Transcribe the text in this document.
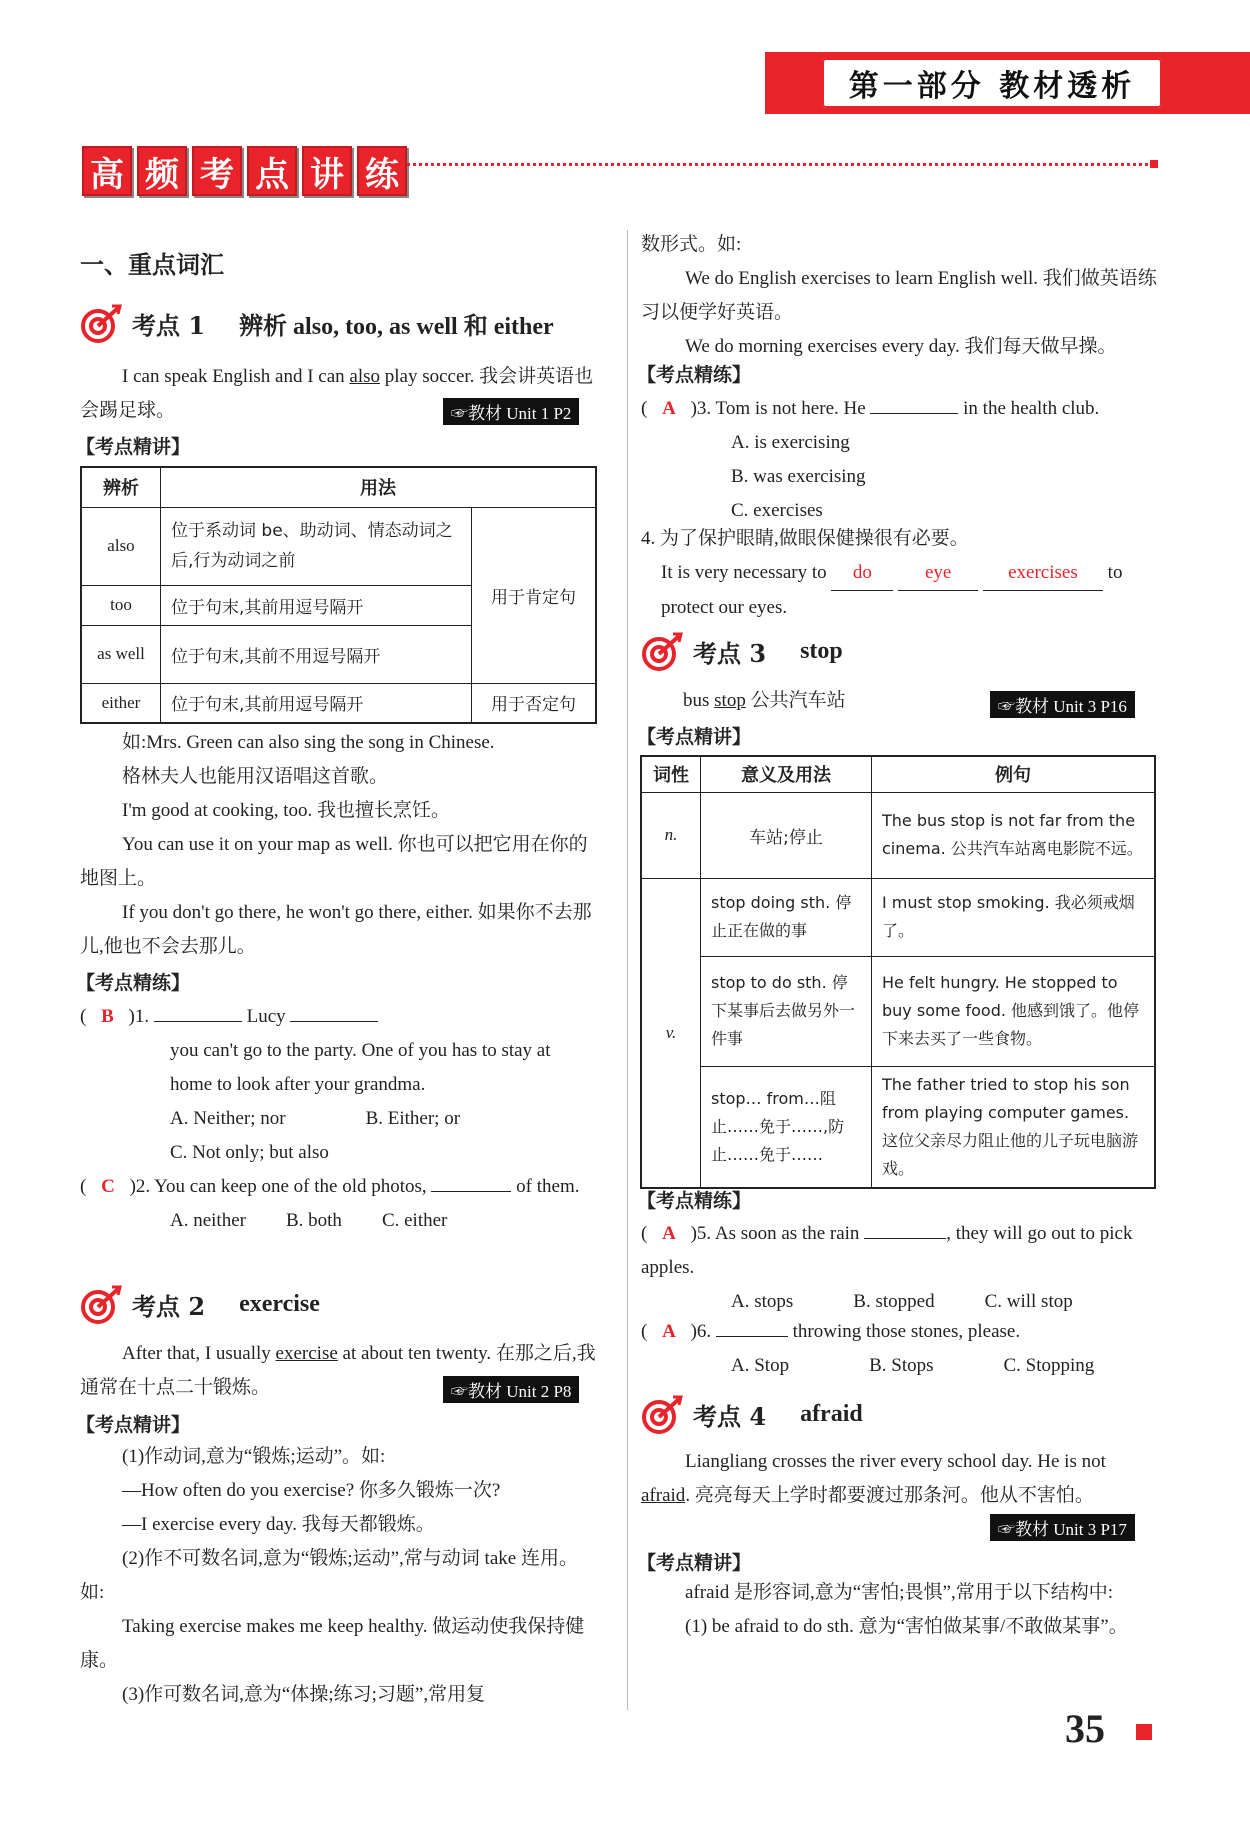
第一部分 教材透析
高 频 考 点 讲 练
一、重点词汇
考点 1 辨析 also, too, as well 和 either
I can speak English and I can also play soccer. 我会讲英语也会踢足球。	☞教材 Unit 1 P2
【考点精讲】
辨析	用法	
also	位于系动词 be、助动词、情态动词之后,行为动词之前	用于肯定句
too	位于句末,其前用逗号隔开	
as well	位于句末,其前不用逗号隔开	
either	位于句末,其前用逗号隔开	用于否定句

如:Mrs. Green can also sing the song in Chinese.

格林夫人也能用汉语唱这首歌。

I'm good at cooking, too. 我也擅长烹饪。

You can use it on your map as well. 你也可以把它用在你的地图上。

If you don't go there, he won't go there, either. 如果你不去那儿,他也不会去那儿。

【考点精练】

( B )1.	Lucy

you can't go to the party. One of you has to stay at home to look after your grandma.

A. Neither; nor	B. Either; or

C. Not only; but also

( C )2. You can keep one of the old photos,	of them.

A. neither B. both C. either

考点 2 exercise
After that, I usually exercise at about ten twenty. 在那之后,我通常在十点二十锻炼。	☞教材 Unit 2 P8
【考点精讲】

(1)作动词,意为“锻炼;运动”。如:

—How often do you exercise? 你多久锻炼一次?

—I exercise every day. 我每天都锻炼。

(2)作不可数名词,意为“锻炼;运动”,常与动词 take 连用。如:

Taking exercise makes me keep healthy. 做运动使我保持健康。

(3)作可数名词,意为“体操;练习;习题”,常用复

数形式。如:

We do English exercises to learn English well. 我们做英语练习以便学好英语。

We do morning exercises every day. 我们每天做早操。

【考点精练】

( A )3. Tom is not here. He	in the health club.

A. is exercising

B. was exercising

C. exercises

4. 为了保护眼睛,做眼保健操很有必要。

It is very necessary to do	eye	exercises to

protect our eyes.

考点 3 stop
bus stop 公共汽车站	☞教材 Unit 3 P16
【考点精讲】
词性	意义及用法	例句
n.	车站;停止	The bus stop is not far from the cinema. 公共汽车站离电影院不远。
v.	stop doing sth. 停止正在做的事	I must stop smoking. 我必须戒烟了。
	stop to do sth. 停下某事后去做另外一件事	He felt hungry. He stopped to buy some food. 他感到饿了。他停下来去买了一些食物。
	stop… from…阻止……免于……,防止……免于……	The father tried to stop his son from playing computer games. 这位父亲尽力阻止他的儿子玩电脑游戏。
【考点精练】

( A )5. As soon as the rain	, they will go out to pick apples.

A. stops	B. stopped	C. will stop

( A )6.	throwing those stones, please.

A. Stop	B. Stops	C. Stopping

考点 4 afraid
Liangliang crosses the river every school day. He is not afraid. 亮亮每天上学时都要渡过那条河。他从不害怕。
☞教材 Unit 3 P17
【考点精讲】

afraid 是形容词,意为“害怕;畏惧”,常用于以下结构中:

(1) be afraid to do sth. 意为“害怕做某事/不敢做某事”。

35
